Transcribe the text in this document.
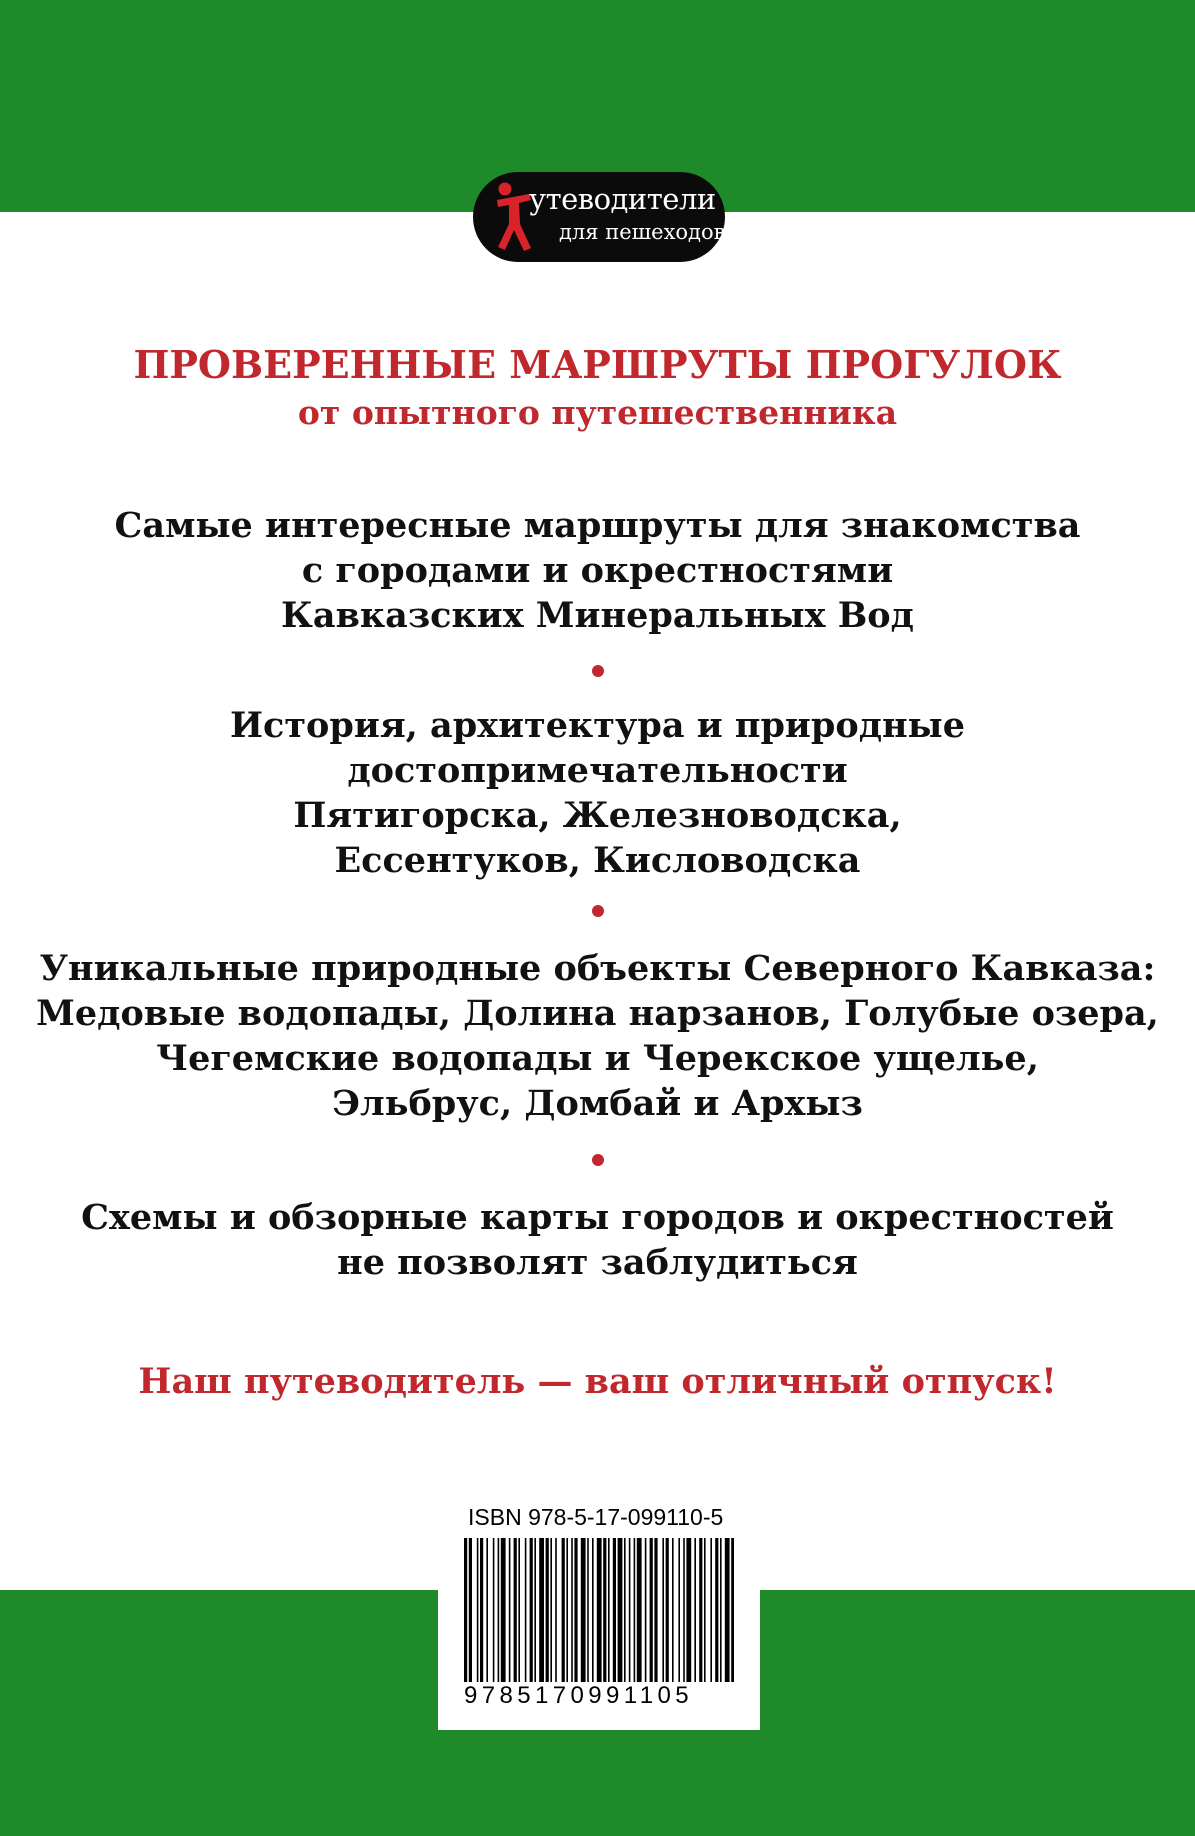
утеводители
для пешеходов
ПРОВЕРЕННЫЕ МАРШРУТЫ ПРОГУЛОК
от опытного путешественника
Самые интересные маршруты для знакомства
с городами и окрестностями
Кавказских Минеральных Вод
История, архитектура и природные
достопримечательности
Пятигорска, Железноводска,
Ессентуков, Кисловодска
Уникальные природные объекты Северного Кавказа:
Медовые водопады, Долина нарзанов, Голубые озера,
Чегемские водопады и Черекское ущелье,
Эльбрус, Домбай и Архыз
Схемы и обзорные карты городов и окрестностей
не позволят заблудиться
Наш путеводитель — ваш отличный отпуск!
ISBN 978-5-17-099110-5
9785170991105
